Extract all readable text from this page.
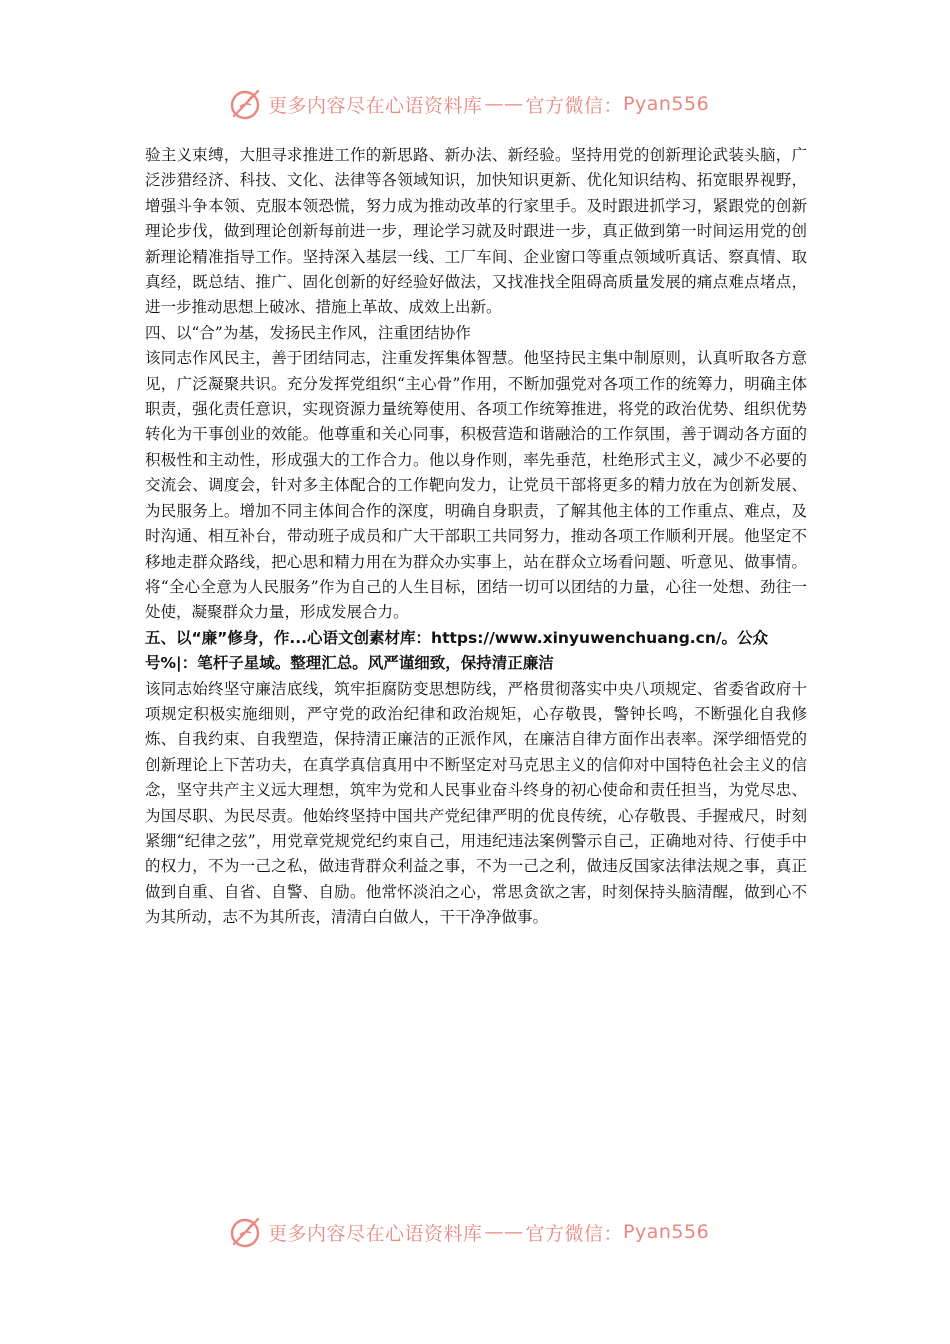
更多内容尽在心语资料库 —— 官方微信： Pyan556

验主义束缚，大胆寻求推进工作的新思路、新办法、新经验。坚持用党的创新理论武装头脑，广泛涉猎经济、科技、文化、法律等各领域知识，加快知识更新、优化知识结构、拓宽眼界视野，增强斗争本领、克服本领恐慌，努力成为推动改革的行家里手。及时跟进抓学习，紧跟党的创新理论步伐，做到理论创新每前进一步，理论学习就及时跟进一步，真正做到第一时间运用党的创新理论精准指导工作。坚持深入基层一线、工厂车间、企业窗口等重点领域听真话、察真情、取真经，既总结、推广、固化创新的好经验好做法，又找准找全阻碍高质量发展的痛点难点堵点，进一步推动思想上破冰、措施上革故、成效上出新。

四、以“合”为基，发扬民主作风，注重团结协作

该同志作风民主，善于团结同志，注重发挥集体智慧。他坚持民主集中制原则，认真听取各方意见，广泛凝聚共识。充分发挥党组织“主心骨”作用，不断加强党对各项工作的统筹力，明确主体职责，强化责任意识，实现资源力量统筹使用、各项工作统筹推进，将党的政治优势、组织优势转化为干事创业的效能。他尊重和关心同事，积极营造和谐融洽的工作氛围，善于调动各方面的积极性和主动性，形成强大的工作合力。他以身作则，率先垂范，杜绝形式主义，减少不必要的交流会、调度会，针对多主体配合的工作靶向发力，让党员干部将更多的精力放在为创新发展、为民服务上。增加不同主体间合作的深度，明确自身职责，了解其他主体的工作重点、难点，及时沟通、相互补台，带动班子成员和广大干部职工共同努力，推动各项工作顺利开展。他坚定不移地走群众路线，把心思和精力用在为群众办实事上，站在群众立场看问题、听意见、做事情。将“全心全意为人民服务”作为自己的人生目标，团结一切可以团结的力量，心往一处想、劲往一处使，凝聚群众力量，形成发展合力。

五、以“廉”修身，作...心语文创素材库：https://www.xinyuwenchuang.cn/。公众号%|：笔杆子星域。整理汇总。风严谨细致，保持清正廉洁

该同志始终坚守廉洁底线，筑牢拒腐防变思想防线，严格贯彻落实中央八项规定、省委省政府十项规定积极实施细则，严守党的政治纪律和政治规矩，心存敬畏，警钟长鸣，不断强化自我修炼、自我约束、自我塑造，保持清正廉洁的正派作风，在廉洁自律方面作出表率。深学细悟党的创新理论上下苦功夫，在真学真信真用中不断坚定对马克思主义的信仰对中国特色社会主义的信念，坚守共产主义远大理想，筑牢为党和人民事业奋斗终身的初心使命和责任担当，为党尽忠、为国尽职、为民尽责。他始终坚持中国共产党纪律严明的优良传统，心存敬畏、手握戒尺，时刻紧绷“纪律之弦”，用党章党规党纪约束自己，用违纪违法案例警示自己，正确地对待、行使手中的权力，不为一己之私，做违背群众利益之事，不为一己之利，做违反国家法律法规之事，真正做到自重、自省、自警、自励。他常怀淡泊之心，常思贪欲之害，时刻保持头脑清醒，做到心不为其所动，志不为其所丧，清清白白做人，干干净净做事。

更多内容尽在心语资料库 —— 官方微信： Pyan556
